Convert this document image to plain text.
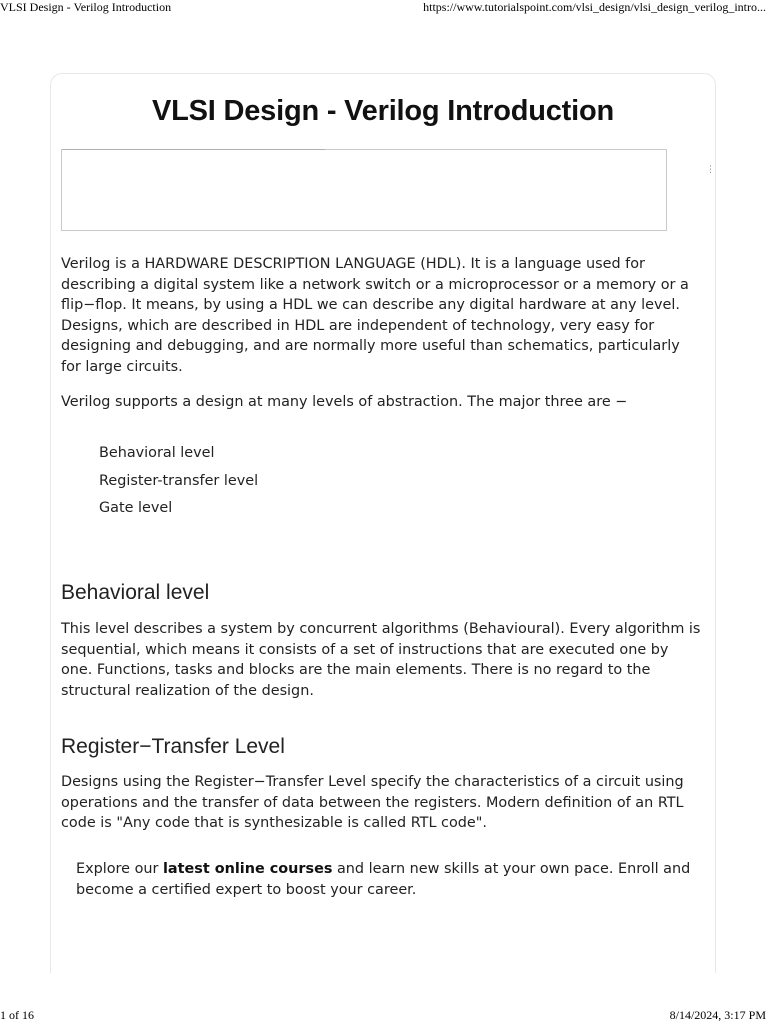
VLSI Design - Verilog Introduction	https://www.tutorialspoint.com/vlsi_design/vlsi_design_verilog_intro...
VLSI Design - Verilog Introduction
⋮

Verilog is a HARDWARE DESCRIPTION LANGUAGE (HDL). It is a language used for describing a digital system like a network switch or a microprocessor or a memory or a flip−flop. It means, by using a HDL we can describe any digital hardware at any level. Designs, which are described in HDL are independent of technology, very easy for designing and debugging, and are normally more useful than schematics, particularly for large circuits.

Verilog supports a design at many levels of abstraction. The major three are −

Behavioral level
Register-transfer level
Gate level
Behavioral level

This level describes a system by concurrent algorithms (Behavioural). Every algorithm is sequential, which means it consists of a set of instructions that are executed one by one. Functions, tasks and blocks are the main elements. There is no regard to the structural realization of the design.

Register−Transfer Level

Designs using the Register−Transfer Level specify the characteristics of a circuit using operations and the transfer of data between the registers. Modern definition of an RTL code is "Any code that is synthesizable is called RTL code".

Explore our latest online courses and learn new skills at your own pace. Enroll and become a certified expert to boost your career.

1 of 16	8/14/2024, 3:17 PM
